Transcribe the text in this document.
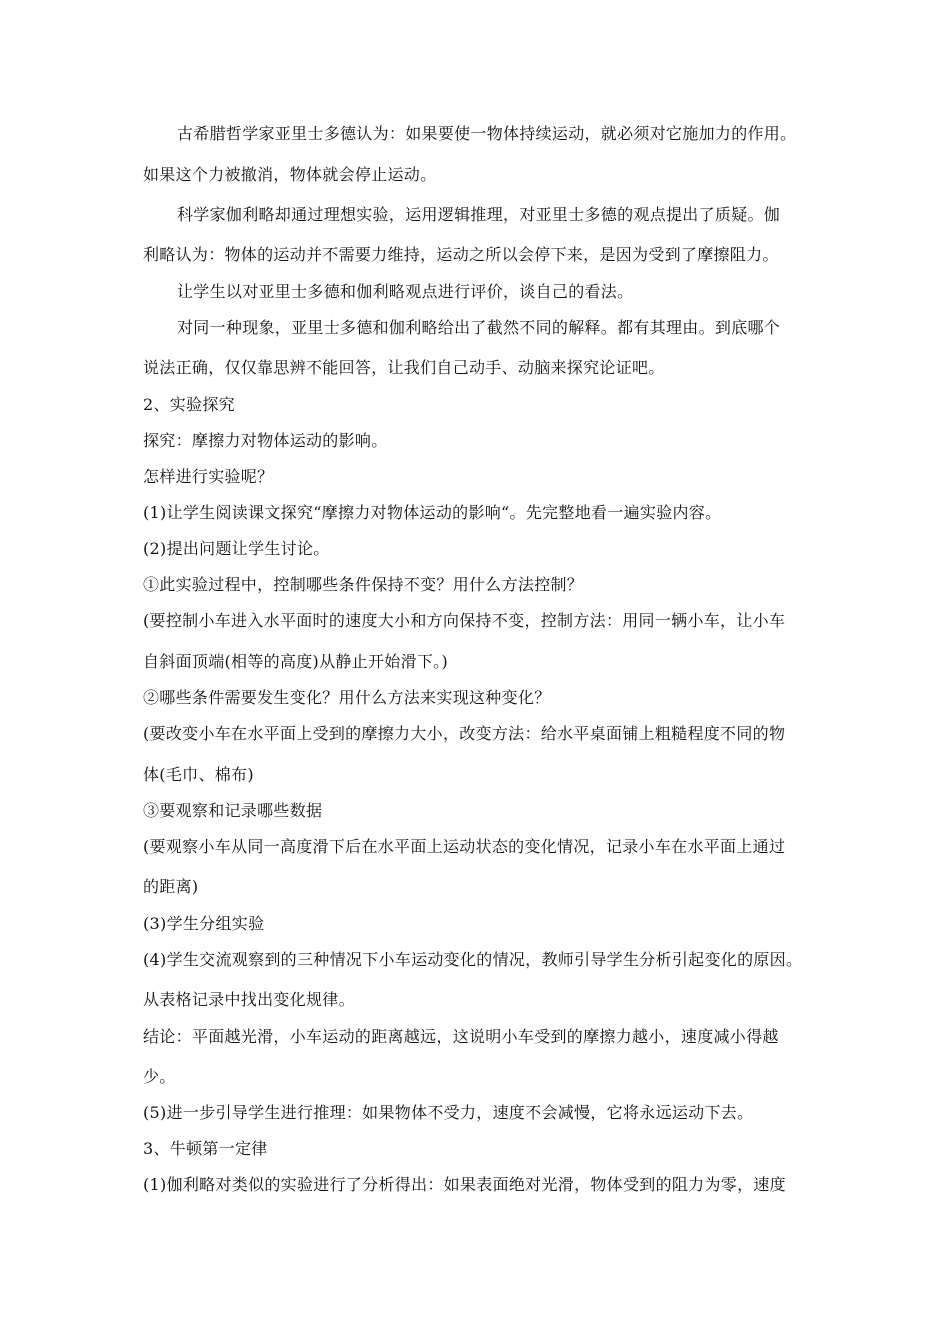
古希腊哲学家亚里士多德认为：如果要使一物体持续运动，就必须对它施加力的作用。
如果这个力被撤消，物体就会停止运动。
科学家伽利略却通过理想实验，运用逻辑推理，对亚里士多德的观点提出了质疑。伽
利略认为：物体的运动并不需要力维持，运动之所以会停下来，是因为受到了摩擦阻力。
让学生以对亚里士多德和伽利略观点进行评价，谈自己的看法。
对同一种现象，亚里士多德和伽利略给出了截然不同的解释。都有其理由。到底哪个
说法正确，仅仅靠思辨不能回答，让我们自己动手、动脑来探究论证吧。
2、实验探究
探究：摩擦力对物体运动的影响。
怎样进行实验呢？
(1)让学生阅读课文探究“摩擦力对物体运动的影响“。先完整地看一遍实验内容。
(2)提出问题让学生讨论。
①此实验过程中，控制哪些条件保持不变？用什么方法控制？
(要控制小车进入水平面时的速度大小和方向保持不变，控制方法：用同一辆小车，让小车
自斜面顶端(相等的高度)从静止开始滑下。)
②哪些条件需要发生变化？用什么方法来实现这种变化？
(要改变小车在水平面上受到的摩擦力大小，改变方法：给水平桌面铺上粗糙程度不同的物
体(毛巾、棉布)
③要观察和记录哪些数据
(要观察小车从同一高度滑下后在水平面上运动状态的变化情况，记录小车在水平面上通过
的距离)
(3)学生分组实验
(4)学生交流观察到的三种情况下小车运动变化的情况，教师引导学生分析引起变化的原因。
从表格记录中找出变化规律。
结论：平面越光滑，小车运动的距离越远，这说明小车受到的摩擦力越小，速度减小得越
少。
(5)进一步引导学生进行推理：如果物体不受力，速度不会减慢，它将永远运动下去。
3、牛顿第一定律
(1)伽利略对类似的实验进行了分析得出：如果表面绝对光滑，物体受到的阻力为零，速度
